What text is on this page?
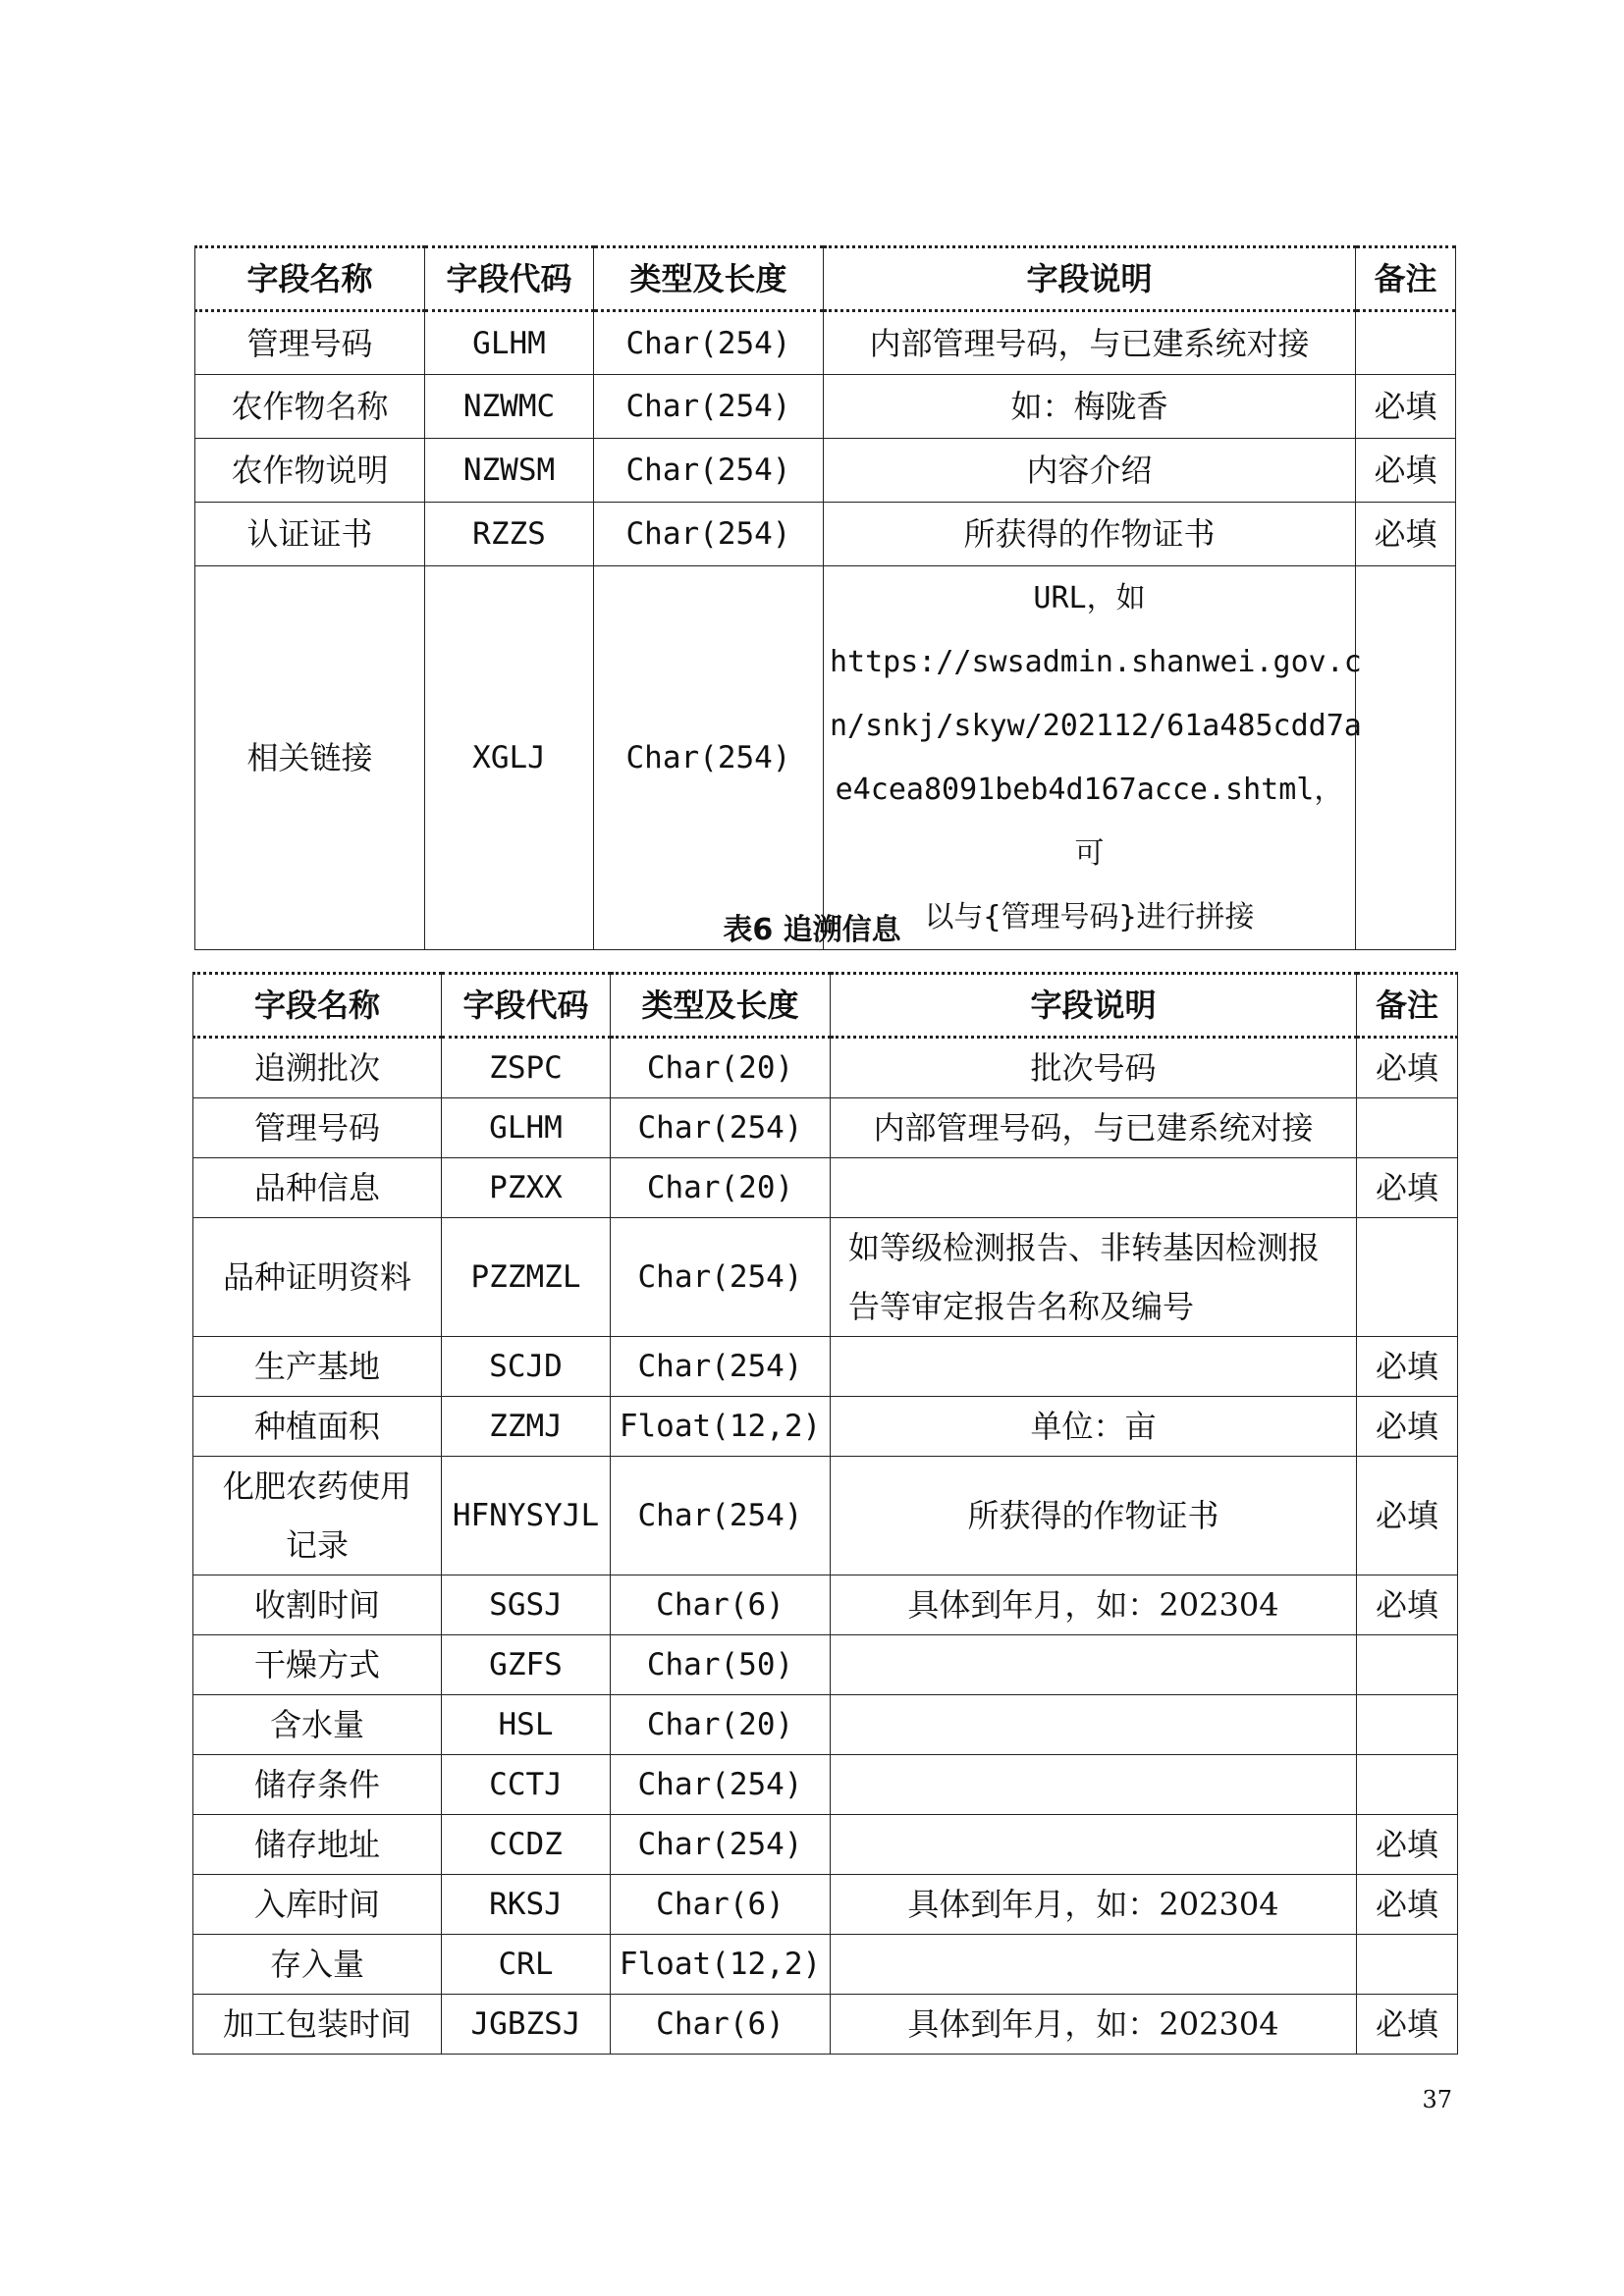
字段名称	字段代码	类型及长度	字段说明	备注
管理号码	GLHM	Char(254)	内部管理号码，与已建系统对接	
农作物名称	NZWMC	Char(254)	如：梅陇香	必填
农作物说明	NZWSM	Char(254)	内容介绍	必填
认证证书	RZZS	Char(254)	所获得的作物证书	必填
相关链接	XGLJ	Char(254)	URL，如
https://swsadmin.shanwei.gov.c
n/snkj/skyw/202112/61a485cdd7a
e4cea8091beb4d167acce.shtml，可
以与{管理号码}进行拼接	

表6 追溯信息
字段名称	字段代码	类型及长度	字段说明	备注
追溯批次	ZSPC	Char(20)	批次号码	必填
管理号码	GLHM	Char(254)	内部管理号码，与已建系统对接	
品种信息	PZXX	Char(20)		必填
品种证明资料	PZZMZL	Char(254)	如等级检测报告、非转基因检测报
告等审定报告名称及编号	

生产基地	SCJD	Char(254)		必填
种植面积	ZZMJ	Float(12,2)	单位：亩	必填

化肥农药使用
记录	HFNYSYJL	Char(254)	所获得的作物证书	必填
收割时间	SGSJ	Char(6)	具体到年月，如：202304	必填
干燥方式	GZFS	Char(50)		
含水量	HSL	Char(20)		
储存条件	CCTJ	Char(254)		
储存地址	CCDZ	Char(254)		必填
入库时间	RKSJ	Char(6)	具体到年月，如：202304	必填
存入量	CRL	Float(12,2)		
加工包装时间	JGBZSJ	Char(6)	具体到年月，如：202304	必填
37
